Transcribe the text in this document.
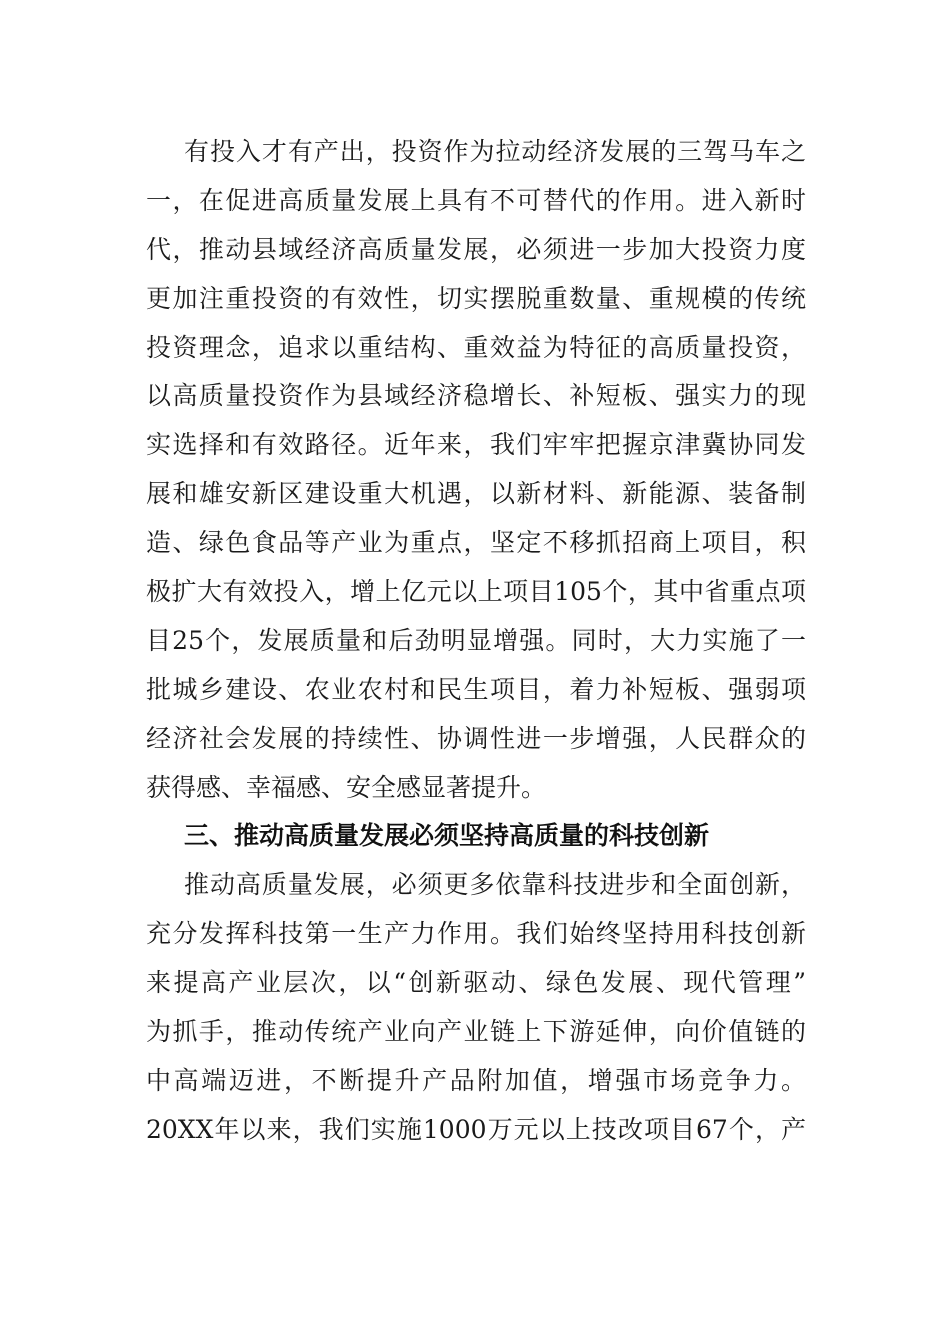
有投入才有产出，投资作为拉动经济发展的三驾马车之
一，在促进高质量发展上具有不可替代的作用。进入新时
代，推动县域经济高质量发展，必须进一步加大投资力度
更加注重投资的有效性，切实摆脱重数量、重规模的传统
投资理念，追求以重结构、重效益为特征的高质量投资，
以高质量投资作为县域经济稳增长、补短板、强实力的现
实选择和有效路径。近年来，我们牢牢把握京津冀协同发
展和雄安新区建设重大机遇，以新材料、新能源、装备制
造、绿色食品等产业为重点，坚定不移抓招商上项目，积
极扩大有效投入，增上亿元以上项目105个，其中省重点项
目25个，发展质量和后劲明显增强。同时，大力实施了一
批城乡建设、农业农村和民生项目，着力补短板、强弱项
经济社会发展的持续性、协调性进一步增强，人民群众的
获得感、幸福感、安全感显著提升。
三、推动高质量发展必须坚持高质量的科技创新
推动高质量发展，必须更多依靠科技进步和全面创新，
充分发挥科技第一生产力作用。我们始终坚持用科技创新
来提高产业层次，以“创新驱动、绿色发展、现代管理”
为抓手，推动传统产业向产业链上下游延伸，向价值链的
中高端迈进，不断提升产品附加值，增强市场竞争力。
20XX年以来，我们实施1000万元以上技改项目67个，产
